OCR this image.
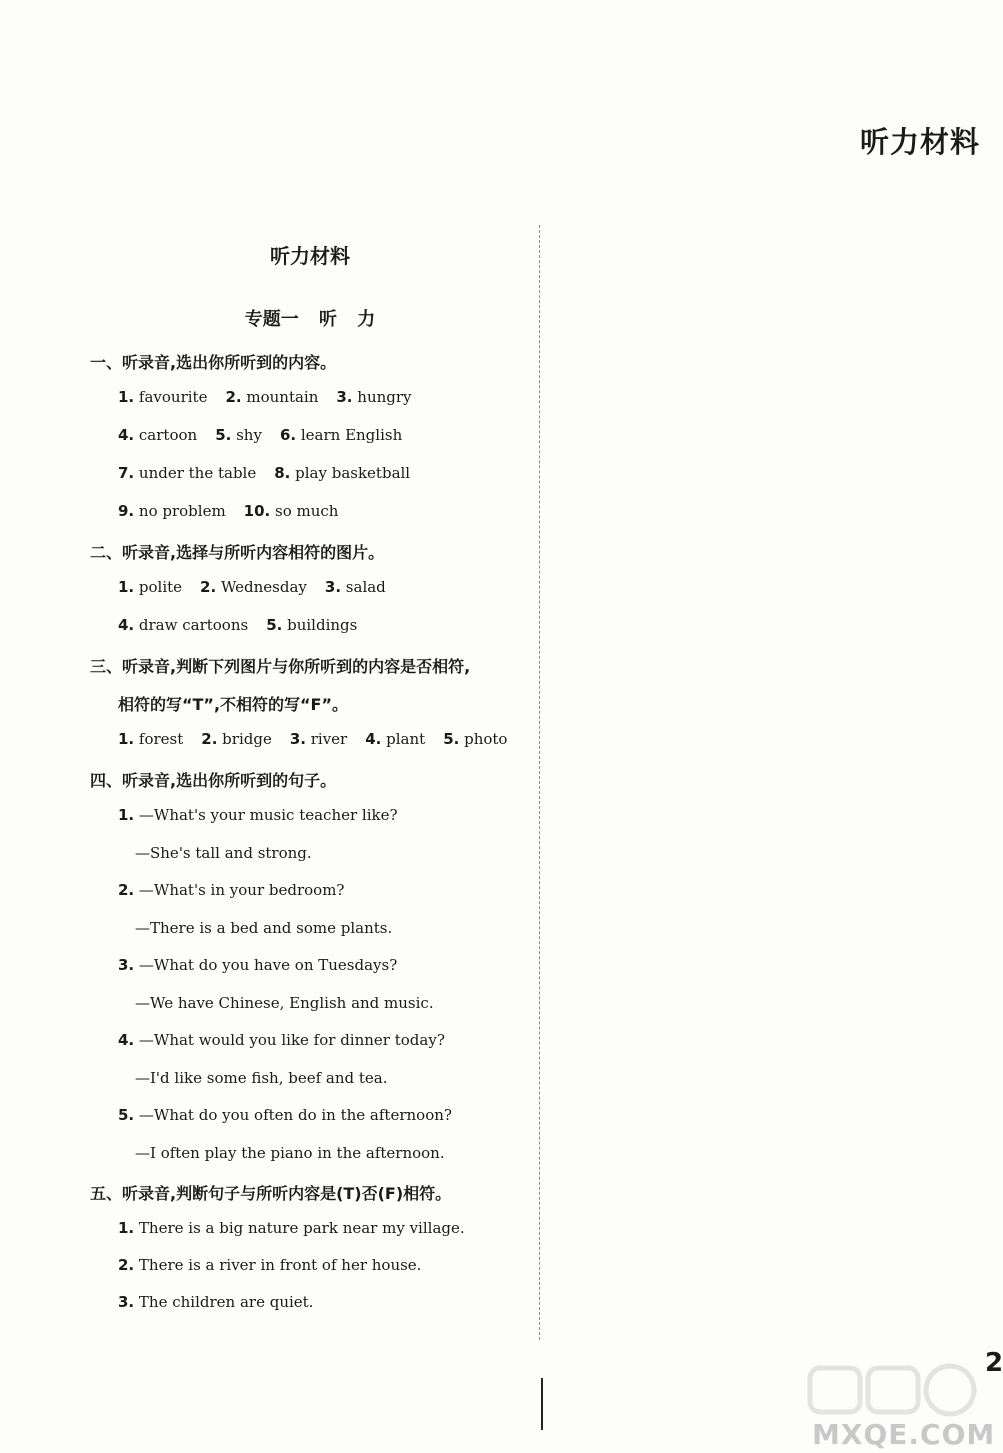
听力材料
听力材料
专题一 听 力
一、听录音,选出你所听到的内容。
1. favourite 2. mountain 3. hungry
4. cartoon 5. shy 6. learn English
7. under the table 8. play basketball
9. no problem 10. so much
二、听录音,选择与所听内容相符的图片。
1. polite 2. Wednesday 3. salad
4. draw cartoons 5. buildings
三、听录音,判断下列图片与你所听到的内容是否相符,
相符的写“T”,不相符的写“F”。
1. forest 2. bridge 3. river 4. plant 5. photo
四、听录音,选出你所听到的句子。
1. —What's your music teacher like?
—She's tall and strong.
2. —What's in your bedroom?
—There is a bed and some plants.
3. —What do you have on Tuesdays?
—We have Chinese, English and music.
4. —What would you like for dinner today?
—I'd like some fish, beef and tea.
5. —What do you often do in the afternoon?
—I often play the piano in the afternoon.
五、听录音,判断句子与所听内容是(T)否(F)相符。
1. There is a big nature park near my village.
2. There is a river in front of her house.
3. The children are quiet.
2
MXQE.COM
